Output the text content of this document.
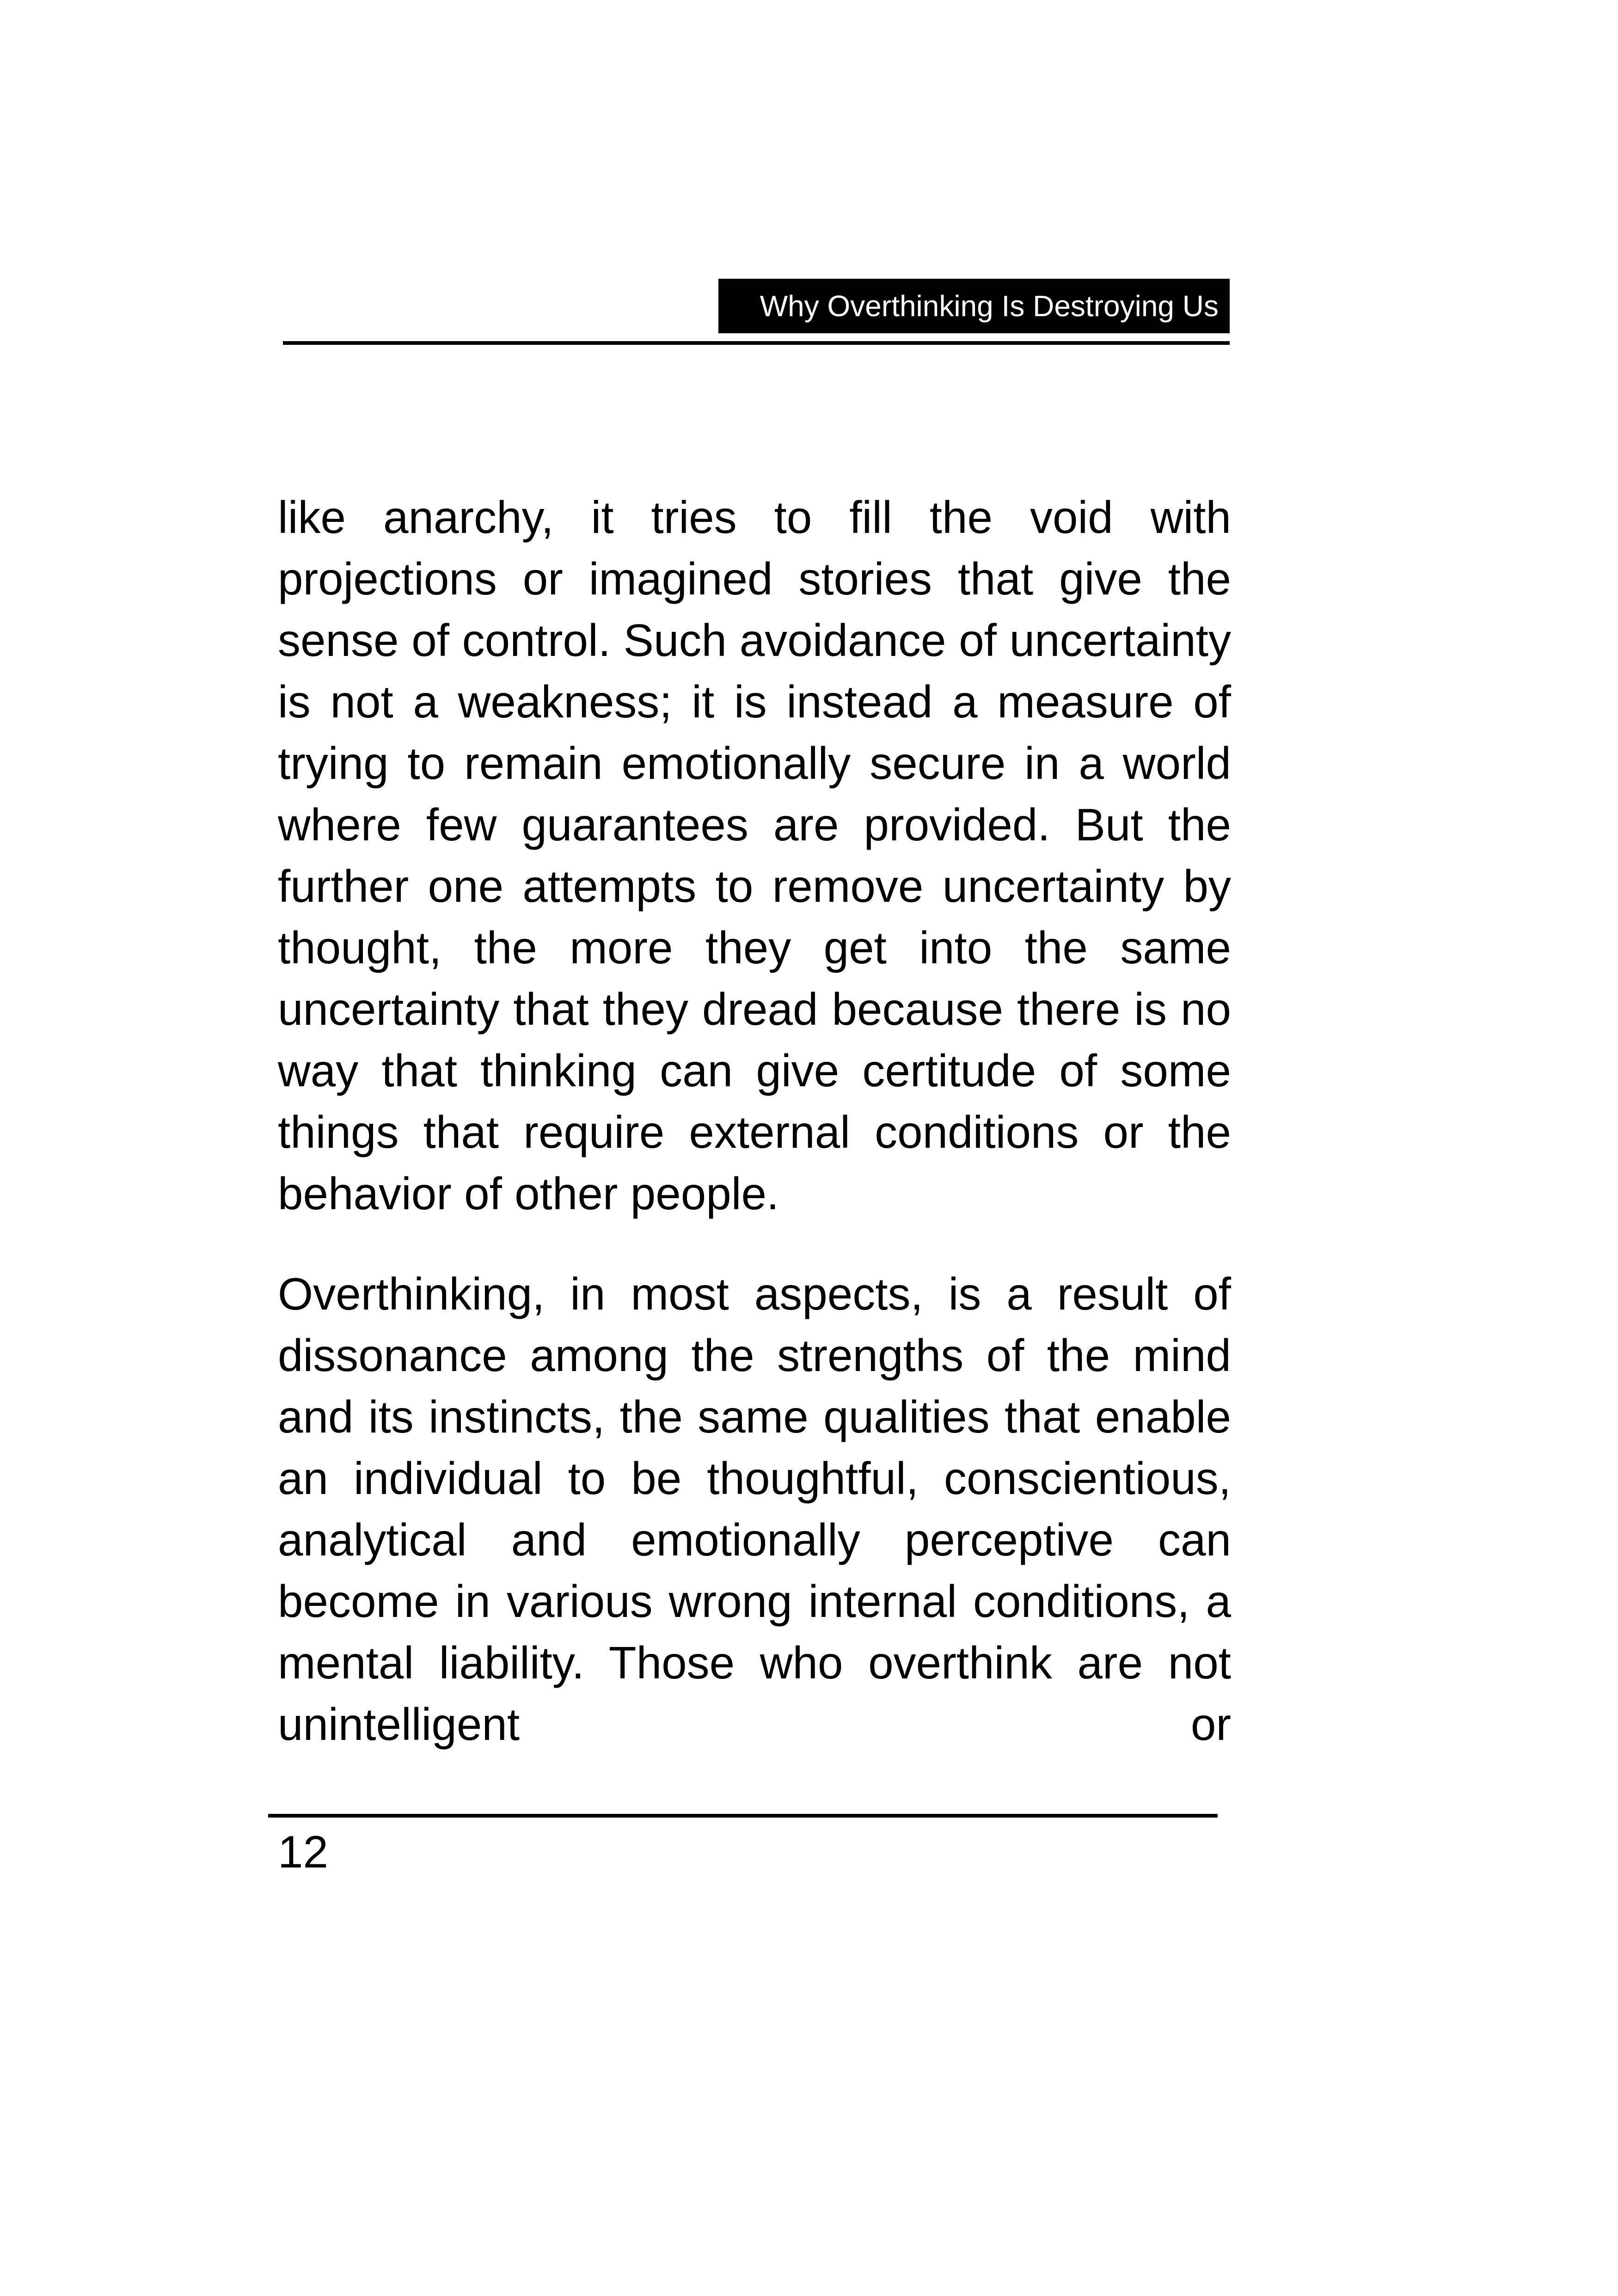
Why Overthinking Is Destroying Us

like anarchy, it tries to fill the void with projections or imagined stories that give the sense of control. Such avoidance of uncertainty is not a weakness; it is instead a measure of trying to remain emotionally secure in a world where few guarantees are provided. But the further one attempts to remove uncertainty by thought, the more they get into the same uncertainty that they dread because there is no way that thinking can give certitude of some things that require external conditions or the behavior of other people.

Overthinking, in most aspects, is a result of dissonance among the strengths of the mind and its instincts, the same qualities that enable an individual to be thoughtful, conscientious, analytical and emotionally perceptive can become in various wrong internal conditions, a mental liability. Those who overthink are not unintelligent or

12
